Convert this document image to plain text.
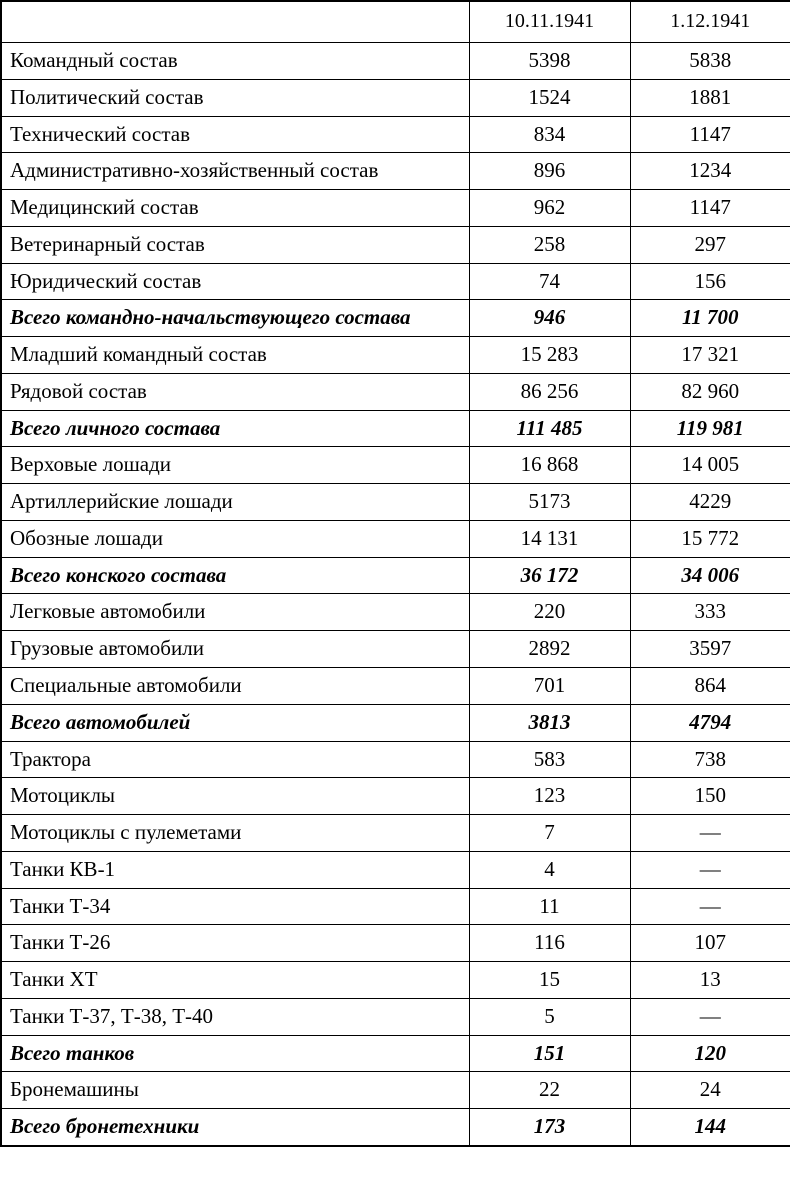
	10.11.1941	1.12.1941
Командный состав	5398	5838
Политический состав	1524	1881
Технический состав	834	1147
Административно-хозяйственный состав	896	1234
Медицинский состав	962	1147
Ветеринарный состав	258	297
Юридический состав	74	156
Всего командно-начальствующего состава	946	11 700
Младший командный состав	15 283	17 321
Рядовой состав	86 256	82 960
Всего личного состава	111 485	119 981
Верховые лошади	16 868	14 005
Артиллерийские лошади	5173	4229
Обозные лошади	14 131	15 772
Всего конского состава	36 172	34 006
Легковые автомобили	220	333
Грузовые автомобили	2892	3597
Специальные автомобили	701	864
Всего автомобилей	3813	4794
Трактора	583	738
Мотоциклы	123	150
Мотоциклы с пулеметами	7	—
Танки КВ-1	4	—
Танки Т-34	11	—
Танки Т-26	116	107
Танки ХТ	15	13
Танки Т-37, Т-38, Т-40	5	—
Всего танков	151	120
Бронемашины	22	24
Всего бронетехники	173	144
